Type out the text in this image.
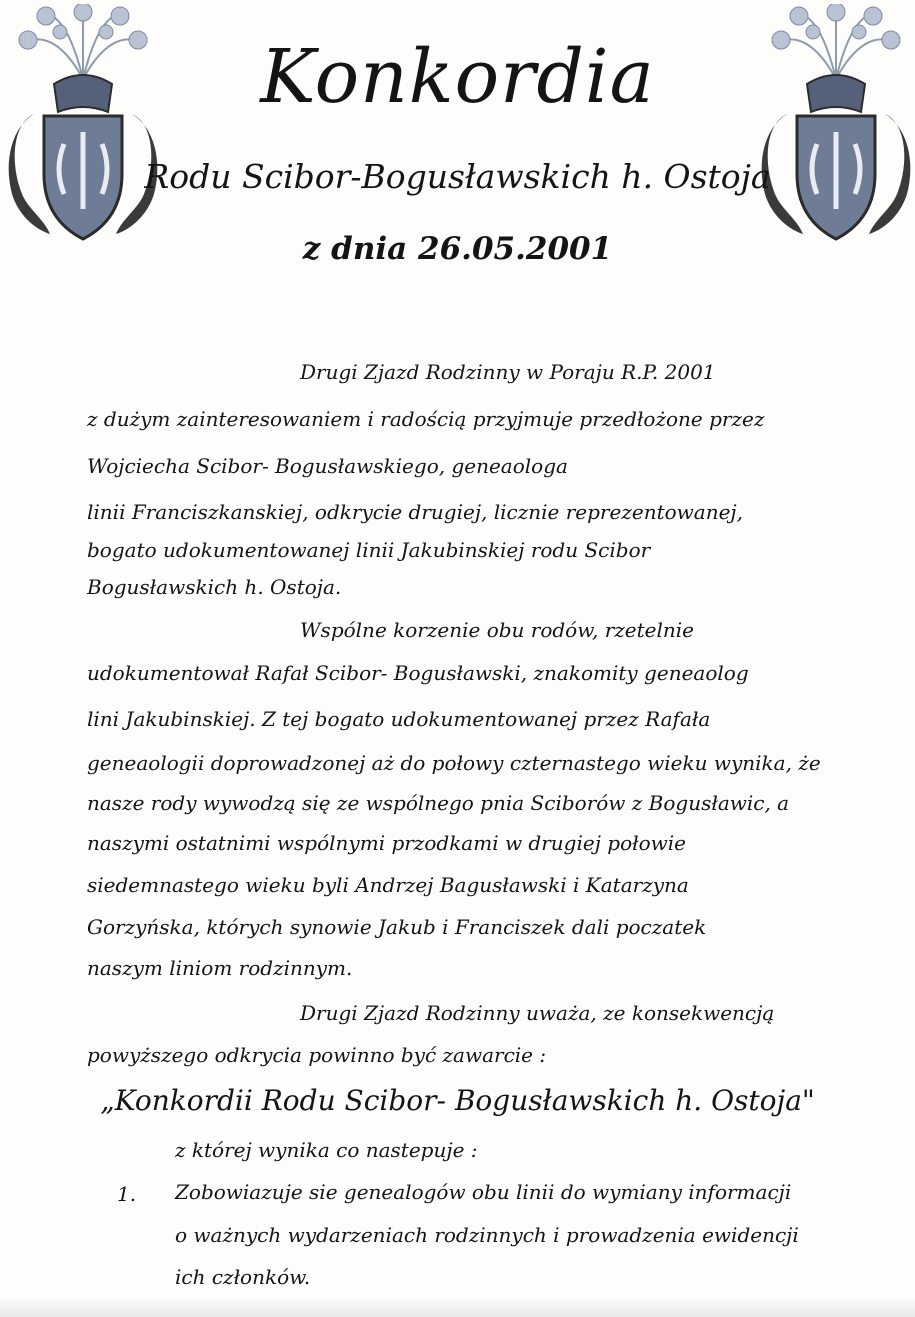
Konkordia
Rodu Scibor-Bogusławskich h. Ostoja
z dnia 26.05.2001
Drugi Zjazd Rodzinny w Poraju R.P. 2001
z dużym zainteresowaniem i radością przyjmuje przedłożone przez
Wojciecha Scibor- Bogusławskiego, geneaologa
linii Franciszkanskiej, odkrycie drugiej, licznie reprezentowanej,
bogato udokumentowanej linii Jakubinskiej rodu Scibor
Bogusławskich h. Ostoja.
Wspólne korzenie obu rodów, rzetelnie
udokumentował Rafał Scibor- Bogusławski, znakomity geneaolog
lini Jakubinskiej. Z tej bogato udokumentowanej przez Rafała
geneaologii doprowadzonej aż do połowy czternastego wieku wynika, że
nasze rody wywodzą się ze wspólnego pnia Sciborów z Bogusławic, a
naszymi ostatnimi wspólnymi przodkami w drugiej połowie
siedemnastego wieku byli Andrzej Bagusławski i Katarzyna
Gorzyńska, których synowie Jakub i Franciszek dali poczatek
naszym liniom rodzinnym.
Drugi Zjazd Rodzinny uważa, ze konsekwencją
powyższego odkrycia powinno być zawarcie :
„Konkordii Rodu Scibor- Bogusławskich h. Ostoja"
z której wynika co nastepuje :
1. Zobowiazuje sie genealogów obu linii do wymiany informacji
o ważnych wydarzeniach rodzinnych i prowadzenia ewidencji
ich członków.
